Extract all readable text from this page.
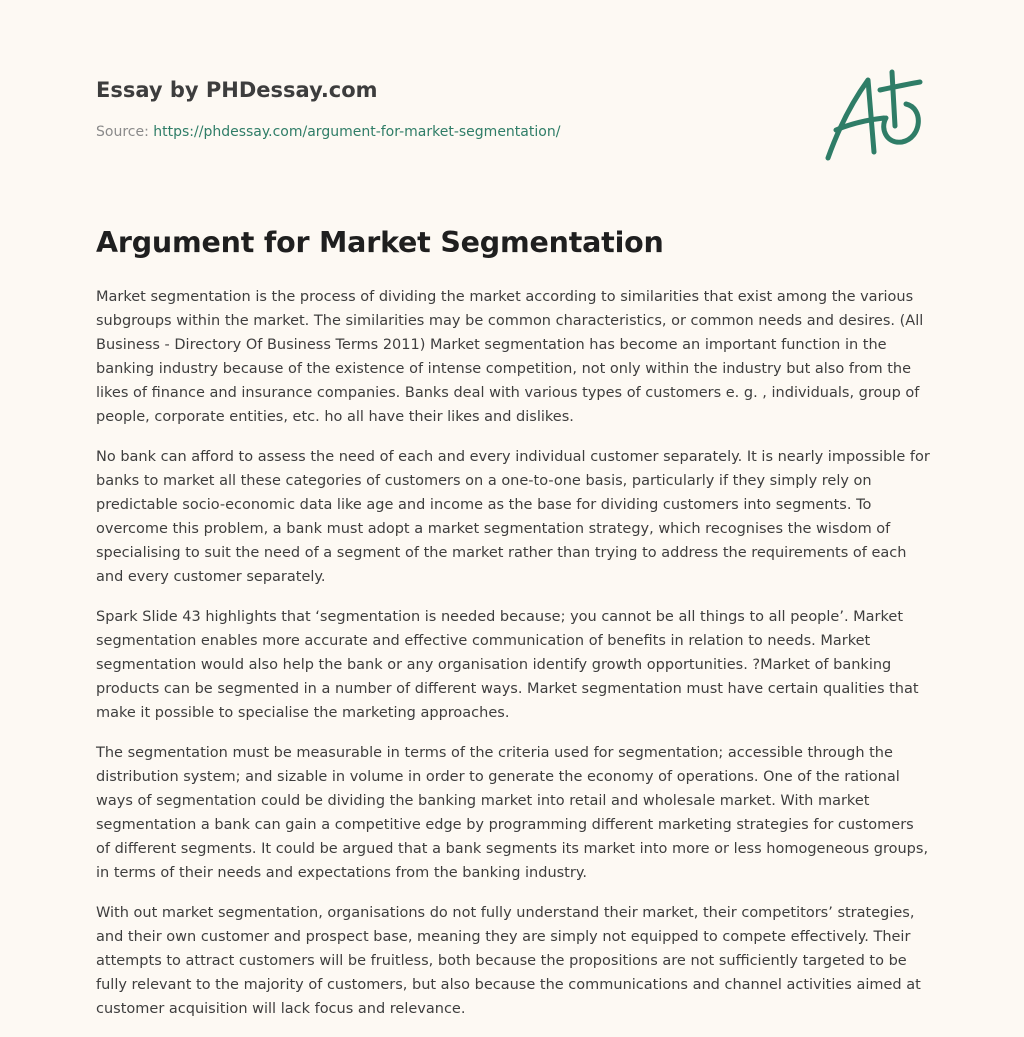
Essay by PHDessay.com
Source: https://phdessay.com/argument-for-market-segmentation/
Argument for Market Segmentation

Market segmentation is the process of dividing the market according to similarities that exist among the various subgroups within the market. The similarities may be common characteristics, or common needs and desires. (All Business - Directory Of Business Terms 2011) Market segmentation has become an important function in the banking industry because of the existence of intense competition, not only within the industry but also from the likes of finance and insurance companies. Banks deal with various types of customers e. g. , individuals, group of people, corporate entities, etc. ho all have their likes and dislikes.

No bank can afford to assess the need of each and every individual customer separately. It is nearly impossible for banks to market all these categories of customers on a one-to-one basis, particularly if they simply rely on predictable socio-economic data like age and income as the base for dividing customers into segments. To overcome this problem, a bank must adopt a market segmentation strategy, which recognises the wisdom of specialising to suit the need of a segment of the market rather than trying to address the requirements of each and every customer separately.

Spark Slide 43 highlights that ‘segmentation is needed because; you cannot be all things to all people’. Market segmentation enables more accurate and effective communication of benefits in relation to needs. Market segmentation would also help the bank or any organisation identify growth opportunities. ?Market of banking products can be segmented in a number of different ways. Market segmentation must have certain qualities that make it possible to specialise the marketing approaches.

The segmentation must be measurable in terms of the criteria used for segmentation; accessible through the distribution system; and sizable in volume in order to generate the economy of operations. One of the rational ways of segmentation could be dividing the banking market into retail and wholesale market. With market segmentation a bank can gain a competitive edge by programming different marketing strategies for customers of different segments. It could be argued that a bank segments its market into more or less homogeneous groups, in terms of their needs and expectations from the banking industry.

With out market segmentation, organisations do not fully understand their market, their competitors’ strategies, and their own customer and prospect base, meaning they are simply not equipped to compete effectively. Their attempts to attract customers will be fruitless, both because the propositions are not sufficiently targeted to be fully relevant to the majority of customers, but also because the communications and channel activities aimed at customer acquisition will lack focus and relevance.
